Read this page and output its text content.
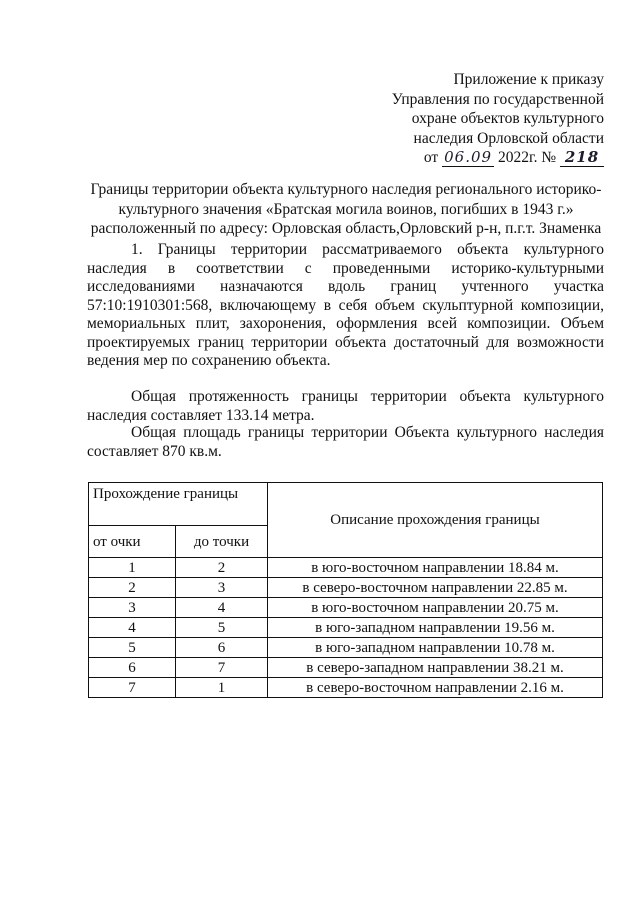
Приложение к приказу
Управления по государственной
охране объектов культурного
наследия Орловской области
от 06.09 2022г. № 218
Границы территории объекта культурного наследия регионального историко-
культурного значения «Братская могила воинов, погибших в 1943 г.»
расположенный по адресу: Орловская область,Орловский р-н, п.г.т. Знаменка
1. Границы территории рассматриваемого объекта культурного наследия в соответствии с проведенными историко-культурными исследованиями назначаются вдоль границ учтенного участка 57:10:1910301:568, включающему в себя объем скульптурной композиции, мемориальных плит, захоронения, оформления всей композиции. Объем проектируемых границ территории объекта достаточный для возможности ведения мер по сохранению объекта.
Общая протяженность границы территории объекта культурного наследия составляет 133.14 метра.
Общая площадь границы территории Объекта культурного наследия составляет 870 кв.м.
Прохождение границы		Описание прохождения границы
от очки	до точки	
1	2	в юго-восточном направлении 18.84 м.
2	3	в северо-восточном направлении 22.85 м.
3	4	в юго-восточном направлении 20.75 м.
4	5	в юго-западном направлении 19.56 м.
5	6	в юго-западном направлении 10.78 м.
6	7	в северо-западном направлении 38.21 м.
7	1	в северо-восточном направлении 2.16 м.
